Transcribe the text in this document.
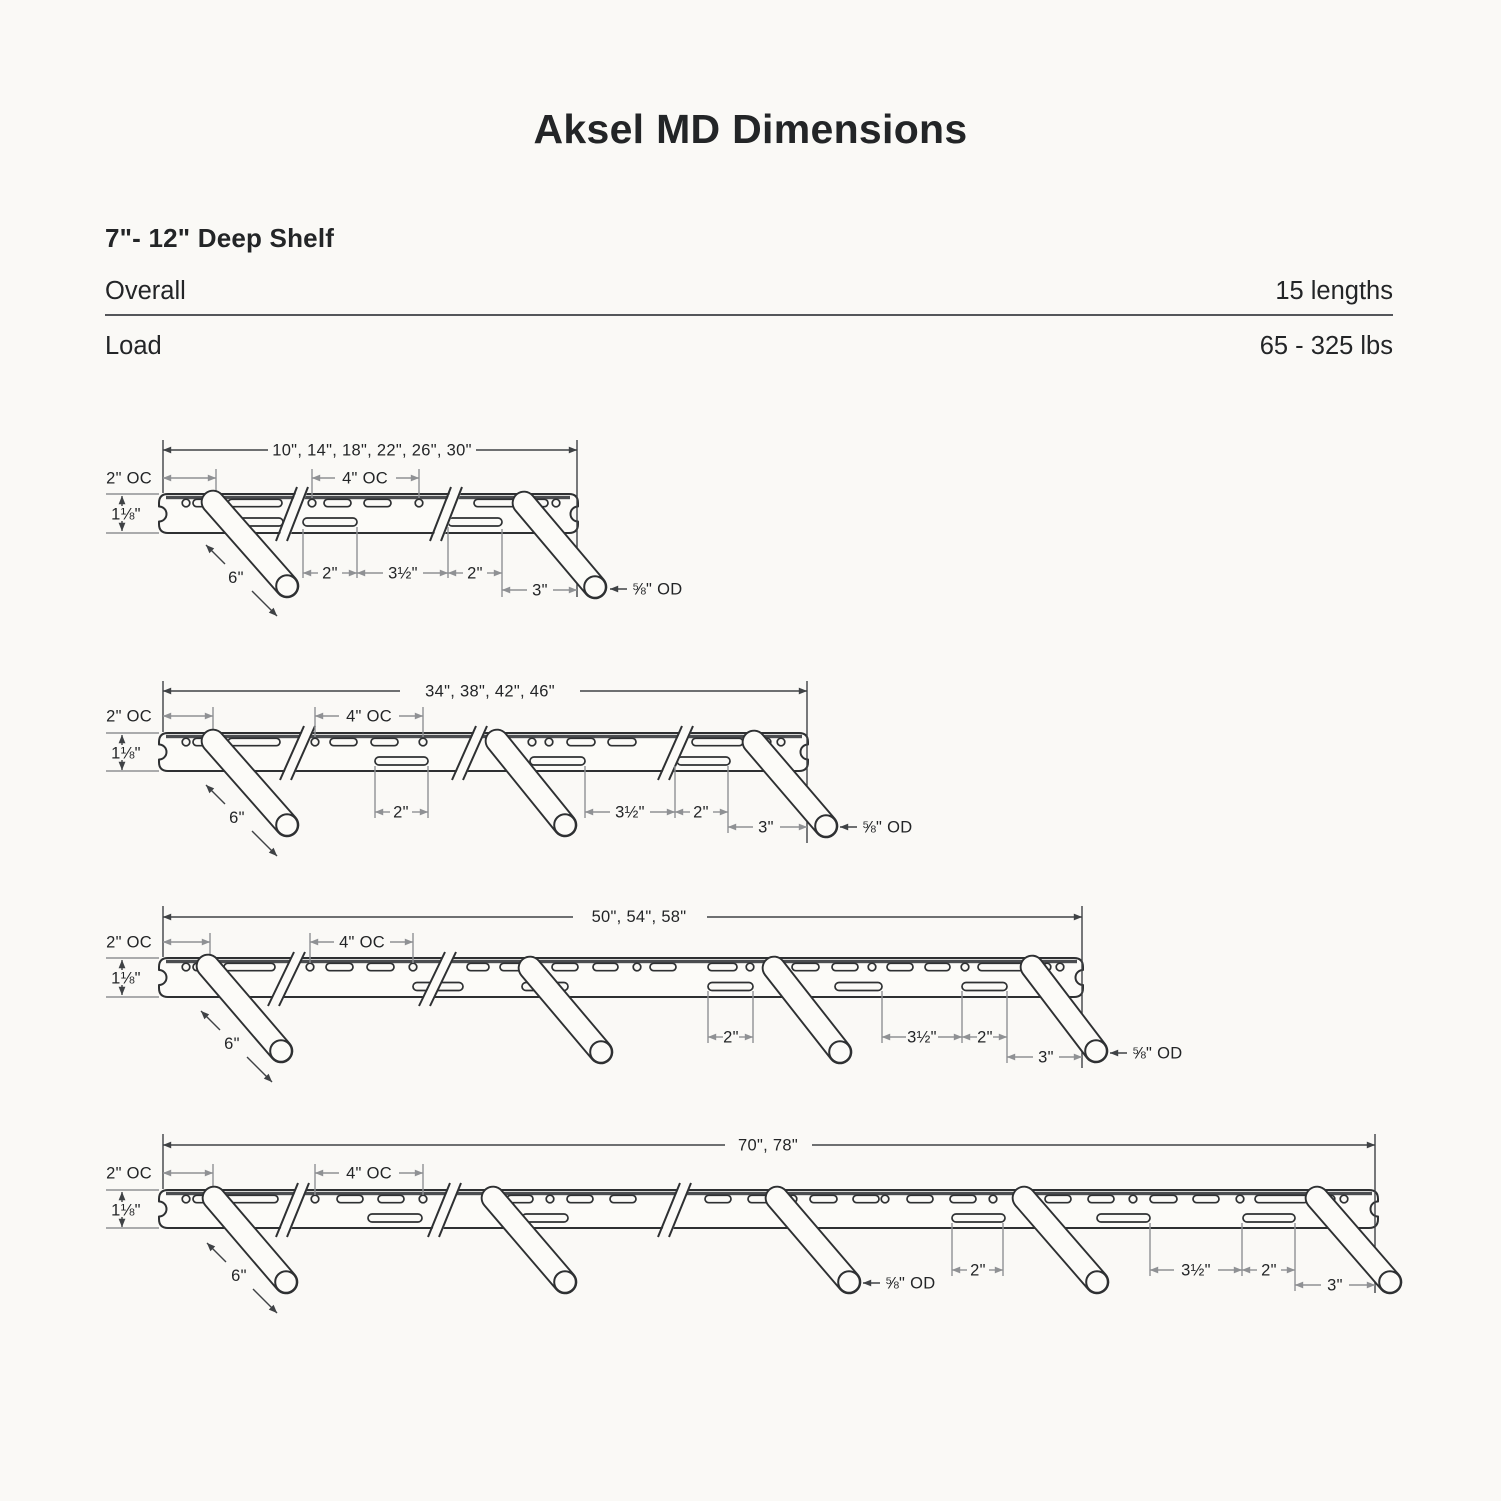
Aksel MD Dimensions
7"- 12" Deep Shelf
Overall	15 lengths
Load	65 - 325 lbs
10", 14", 18", 22", 26", 30"
2" OC	4" OC
1⅛"
6"	2"	3½"	2"
3"	⅝" OD
34", 38", 42", 46"
2" OC	4" OC
1⅛"
6"	2"	3½"	2"
3"	⅝" OD
50", 54", 58"
2" OC	4" OC
1⅛"
6"	2"	3½" 2"
3"	⅝" OD
70", 78"
2" OC	4" OC
1⅛"
6"	2"	3½"	2"
3"
⅝" OD
